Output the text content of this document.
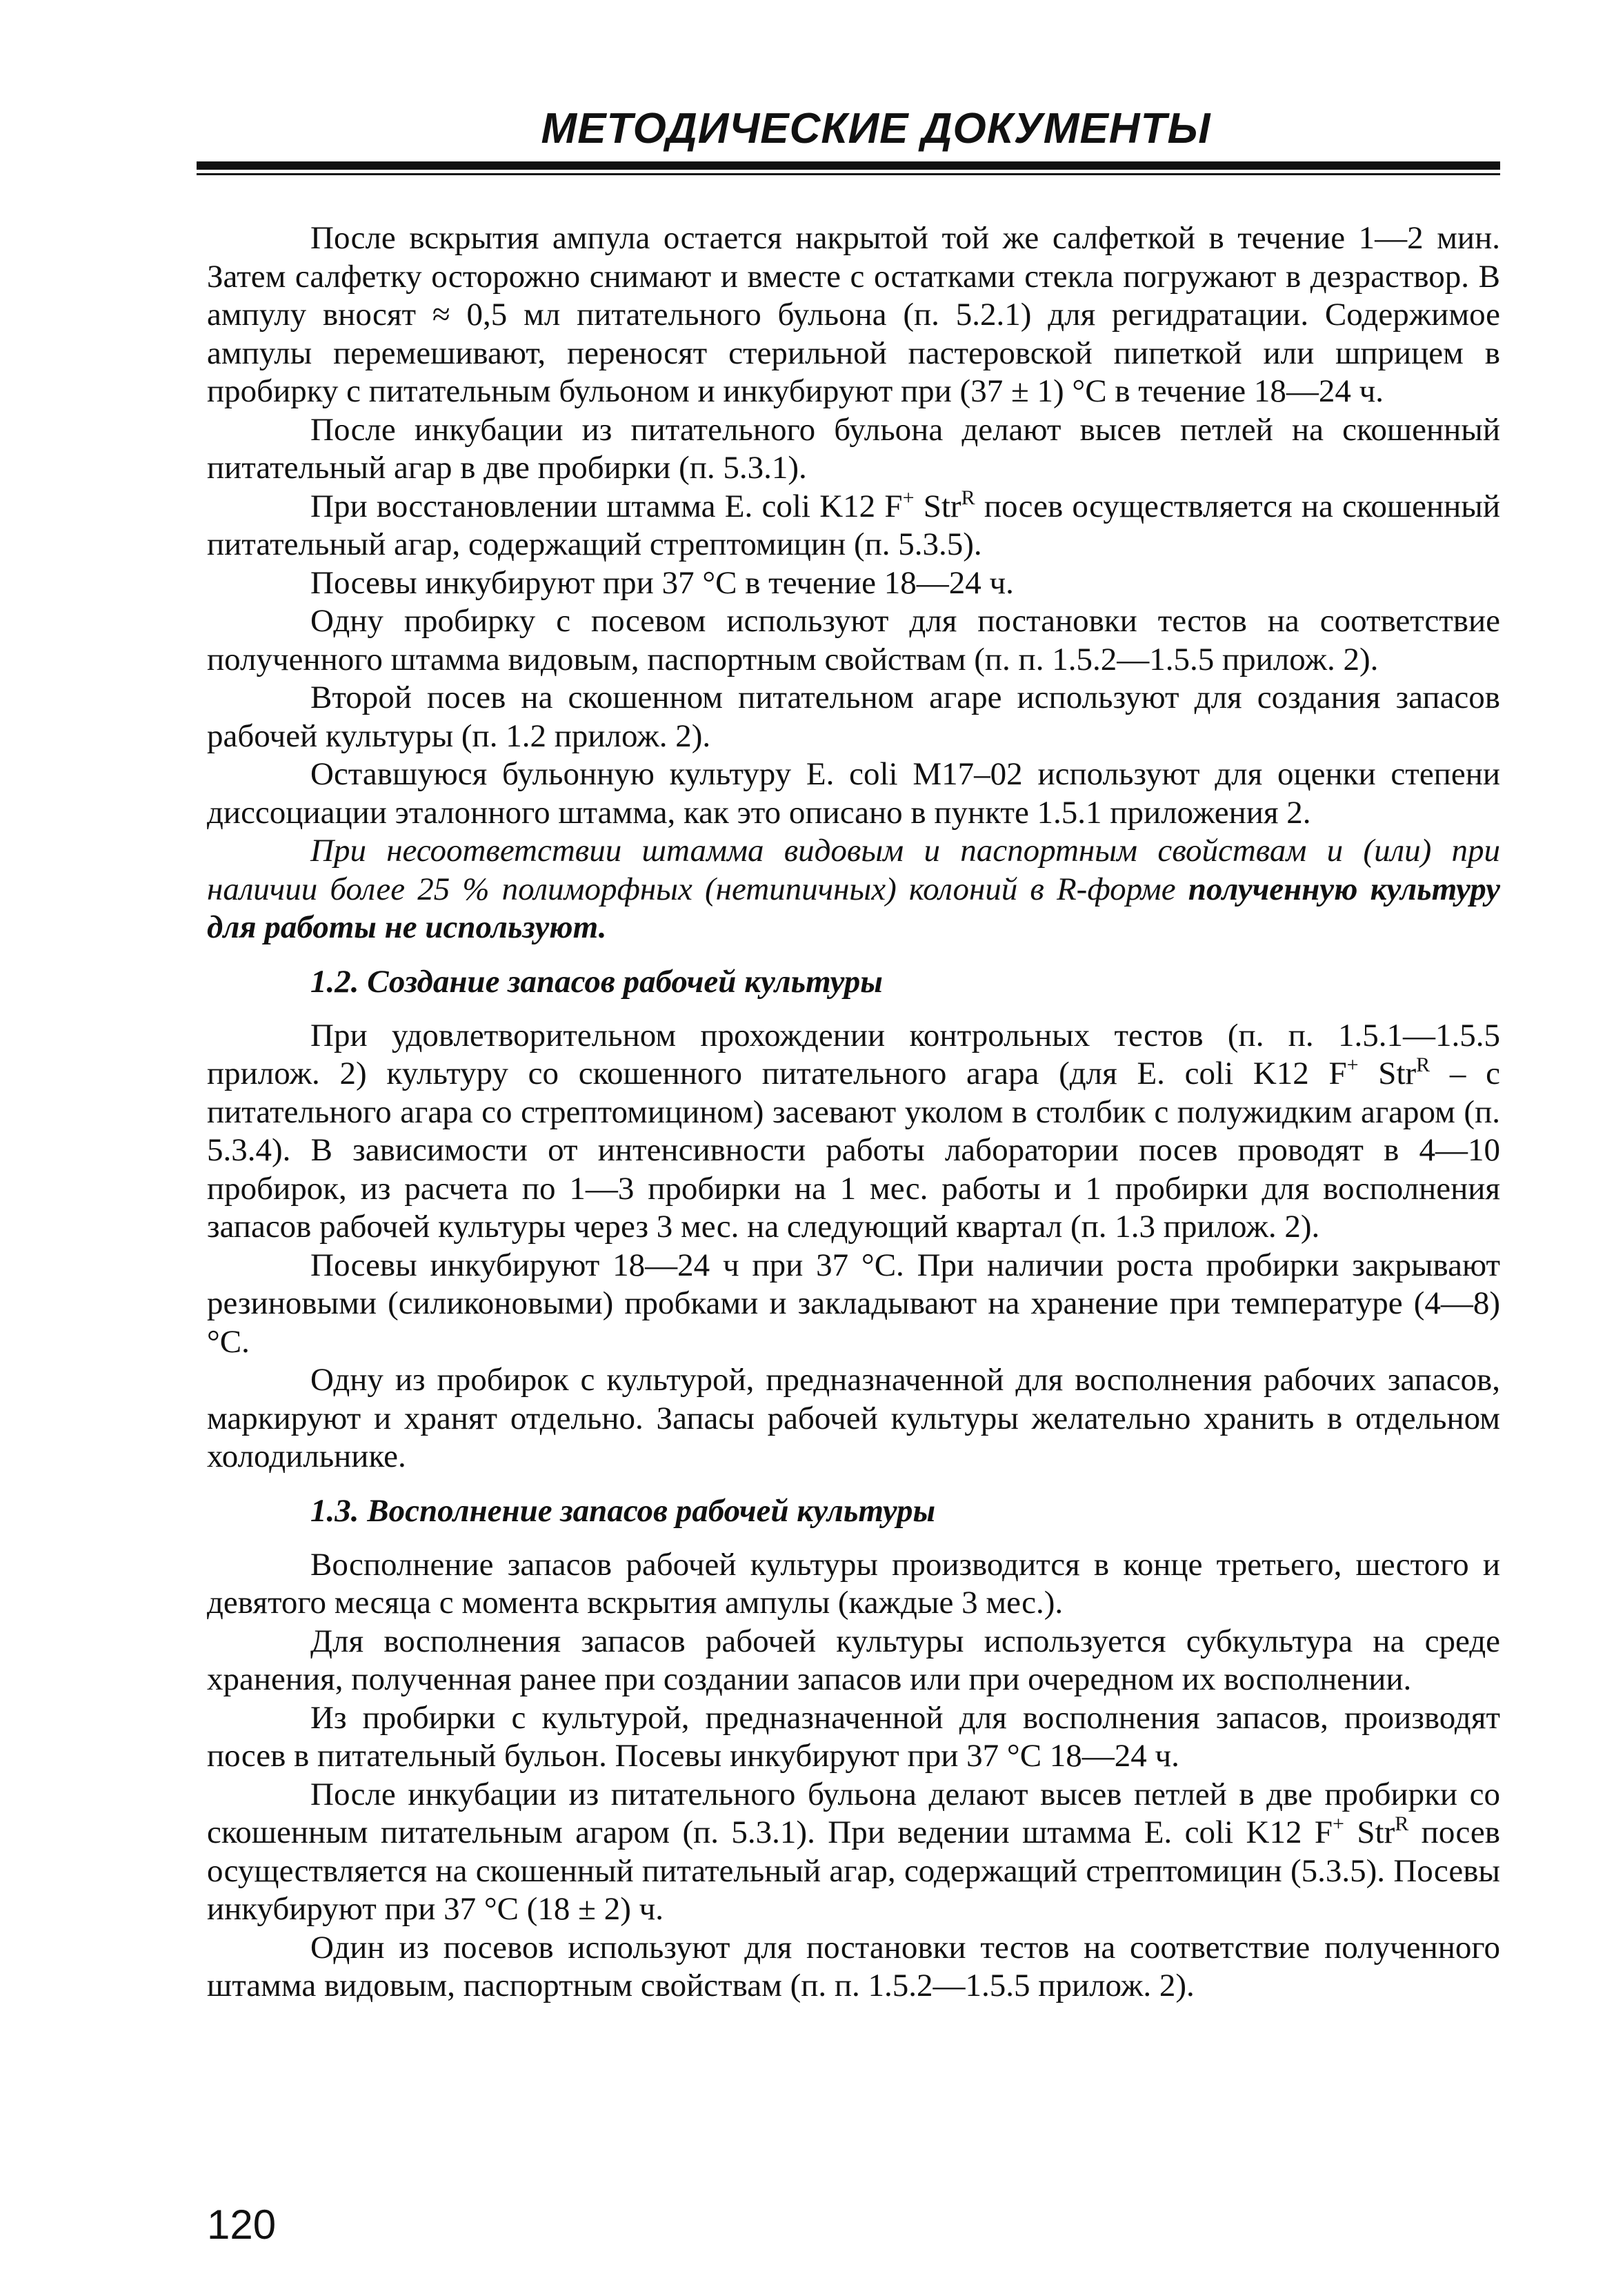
МЕТОДИЧЕСКИЕ ДОКУМЕНТЫ

После вскрытия ампула остается накрытой той же салфеткой в течение 1—2 мин. Затем салфетку осторожно снимают и вместе с остатками стекла погружают в дезраствор. В ампулу вносят ≈ 0,5 мл питательного бульона (п. 5.2.1) для регидратации. Содержимое ампулы перемешивают, переносят стерильной пастеровской пипеткой или шприцем в пробирку с питательным бульоном и инкубируют при (37 ± 1) °С в течение 18—24 ч.

После инкубации из питательного бульона делают высев петлей на скошенный питательный агар в две пробирки (п. 5.3.1).

При восстановлении штамма E. coli K12 F+ Str$^R$ посев осуществляется на скошенный питательный агар, содержащий стрептомицин (п. 5.3.5).

Посевы инкубируют при 37 °С в течение 18—24 ч.

Одну пробирку с посевом используют для постановки тестов на соответствие полученного штамма видовым, паспортным свойствам (п. п. 1.5.2—1.5.5 прилож. 2).

Второй посев на скошенном питательном агаре используют для создания запасов рабочей культуры (п. 1.2 прилож. 2).

Оставшуюся бульонную культуру E. coli M17–02 используют для оценки степени диссоциации эталонного штамма, как это описано в пункте 1.5.1 приложения 2.

При несоответствии штамма видовым и паспортным свойствам и (или) при наличии более 25 % полиморфных (нетипичных) колоний в R-форме полученную культуру для работы не используют.

1.2. Создание запасов рабочей культуры

При удовлетворительном прохождении контрольных тестов (п. п. 1.5.1—1.5.5 прилож. 2) культуру со скошенного питательного агара (для E. coli K12 F+ Str$^R$ – с питательного агара со стрептомицином) засевают уколом в столбик с полужидким агаром (п. 5.3.4). В зависимости от интенсивности работы лаборатории посев проводят в 4—10 пробирок, из расчета по 1—3 пробирки на 1 мес. работы и 1 пробирки для восполнения запасов рабочей культуры через 3 мес. на следующий квартал (п. 1.3 прилож. 2).

Посевы инкубируют 18—24 ч при 37 °С. При наличии роста пробирки закрывают резиновыми (силиконовыми) пробками и закладывают на хранение при температуре (4—8) °С.

Одну из пробирок с культурой, предназначенной для восполнения рабочих запасов, маркируют и хранят отдельно. Запасы рабочей культуры желательно хранить в отдельном холодильнике.

1.3. Восполнение запасов рабочей культуры

Восполнение запасов рабочей культуры производится в конце третьего, шестого и девятого месяца с момента вскрытия ампулы (каждые 3 мес.).

Для восполнения запасов рабочей культуры используется субкультура на среде хранения, полученная ранее при создании запасов или при очередном их восполнении.

Из пробирки с культурой, предназначенной для восполнения запасов, производят посев в питательный бульон. Посевы инкубируют при 37 °С 18—24 ч.

После инкубации из питательного бульона делают высев петлей в две пробирки со скошенным питательным агаром (п. 5.3.1). При ведении штамма E. coli K12 F+ Str$^R$ посев осуществляется на скошенный питательный агар, содержащий стрептомицин (5.3.5). Посевы инкубируют при 37 °С (18 ± 2) ч.

Один из посевов используют для постановки тестов на соответствие полученного штамма видовым, паспортным свойствам (п. п. 1.5.2—1.5.5 прилож. 2).

120
